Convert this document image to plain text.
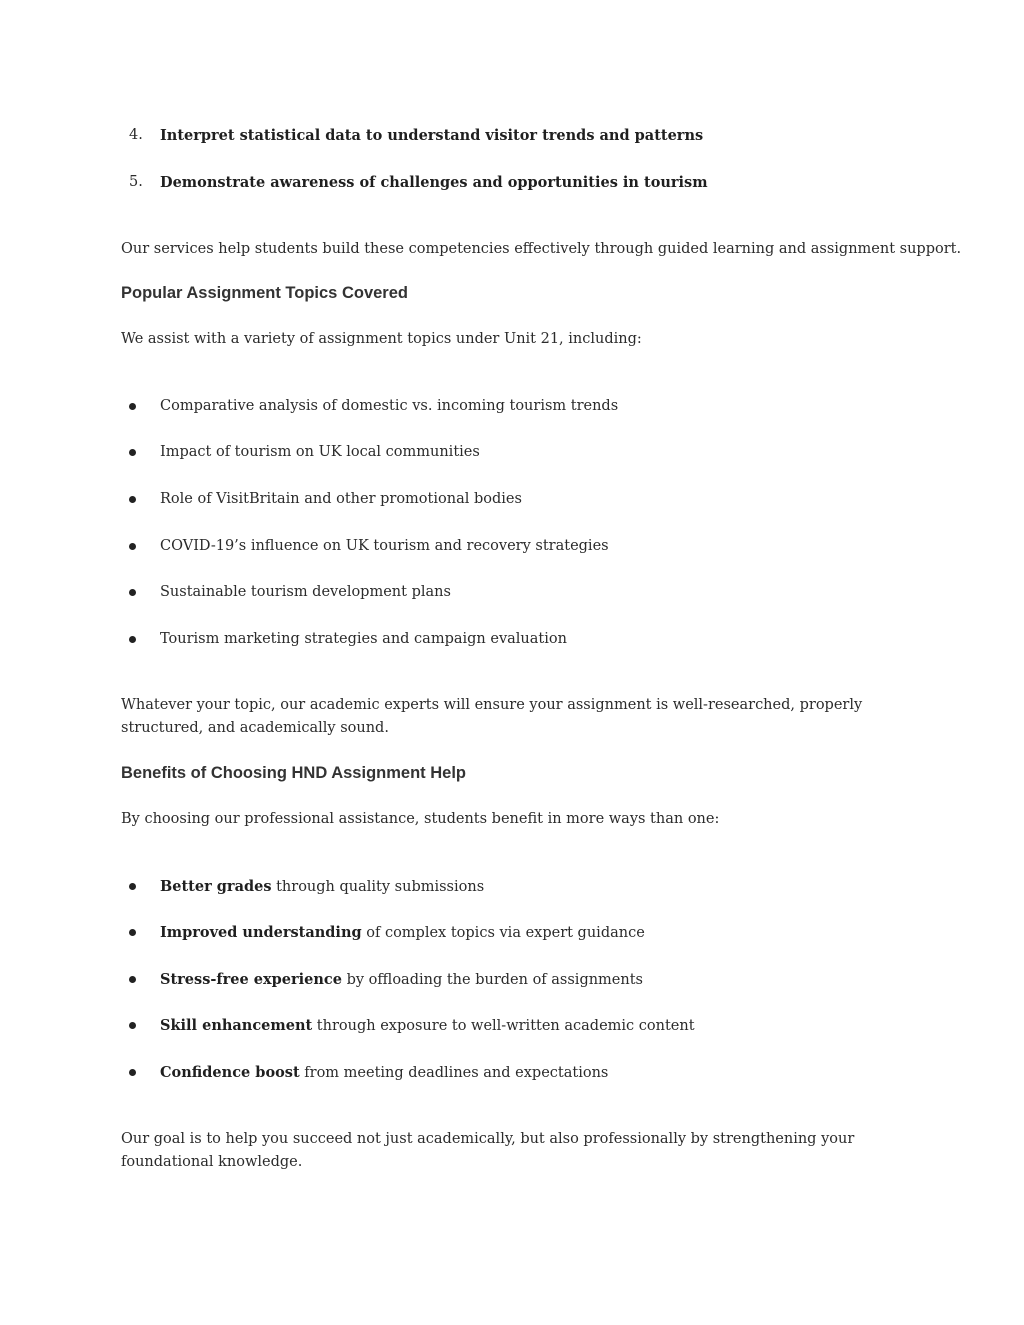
4. Interpret statistical data to understand visitor trends and patterns
5. Demonstrate awareness of challenges and opportunities in tourism
Our services help students build these competencies effectively through guided learning and assignment support.
Popular Assignment Topics Covered
We assist with a variety of assignment topics under Unit 21, including:
Comparative analysis of domestic vs. incoming tourism trends
Impact of tourism on UK local communities
Role of VisitBritain and other promotional bodies
COVID-19’s influence on UK tourism and recovery strategies
Sustainable tourism development plans
Tourism marketing strategies and campaign evaluation
Whatever your topic, our academic experts will ensure your assignment is well-researched, properly structured, and academically sound.
Benefits of Choosing HND Assignment Help
By choosing our professional assistance, students benefit in more ways than one:
Better grades through quality submissions
Improved understanding of complex topics via expert guidance
Stress-free experience by offloading the burden of assignments
Skill enhancement through exposure to well-written academic content
Confidence boost from meeting deadlines and expectations
Our goal is to help you succeed not just academically, but also professionally by strengthening your foundational knowledge.
